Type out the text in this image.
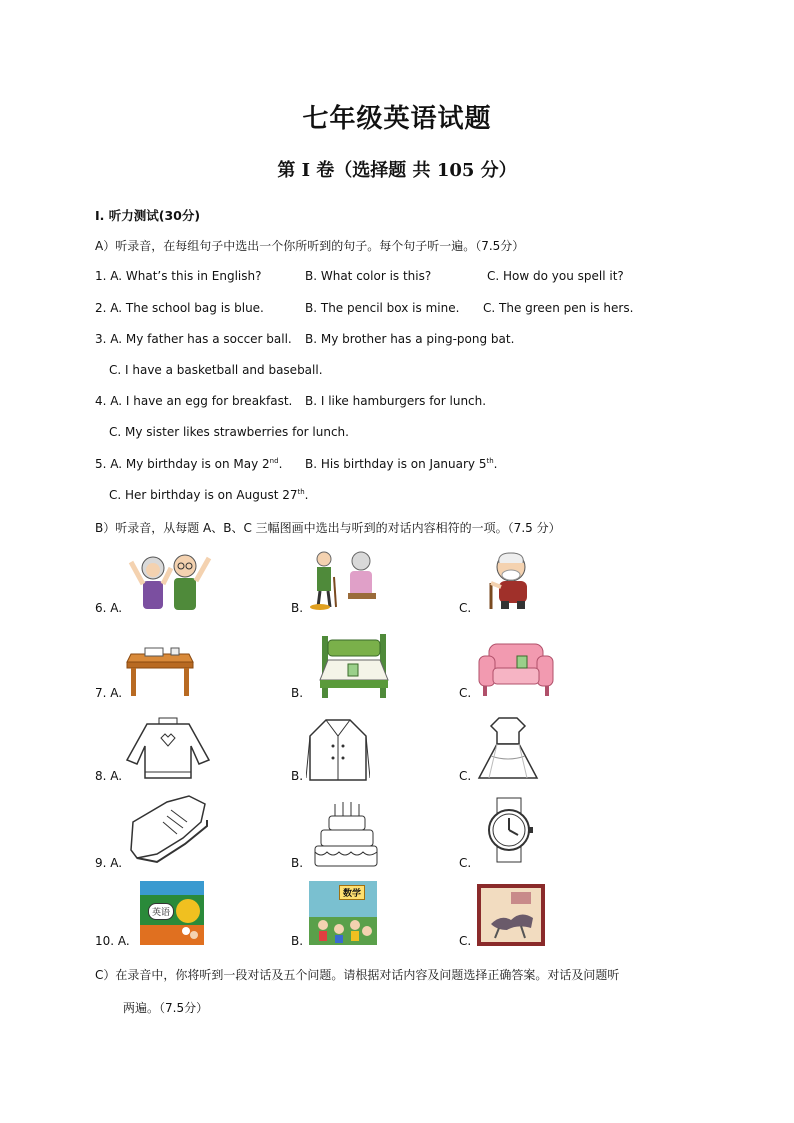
七年级英语试题
第 I 卷（选择题 共 105 分）
Ⅰ. 听力测试(30分)
A）听录音，在每组句子中选出一个你所听到的句子。每个句子听一遍。（7.5分）
1. A. What’s this in English?	B. What color is this?	C. How do you spell it?
2. A. The school bag is blue.	B. The pencil box is mine. C. The green pen is hers.
3. A. My father has a soccer ball. B. My brother has a ping-pong bat.
C. I have a basketball and baseball.
4. A. I have an egg for breakfast. B. I like hamburgers for lunch.
C. My sister likes strawberries for lunch.
5. A. My birthday is on May 2nd. B. His birthday is on January 5th.
C. Her birthday is on August 27th.
B）听录音，从每题 A、B、C 三幅图画中选出与听到的对话内容相符的一项。（7.5 分）
6. A.	B.	C.
7. A.	B.	C.
8. A.	B.	C.
9. A.	B.	C.
10. A.
英语
B.
数学
C.
C）在录音中，你将听到一段对话及五个问题。请根据对话内容及问题选择正确答案。对话及问题听
两遍。（7.5分）
